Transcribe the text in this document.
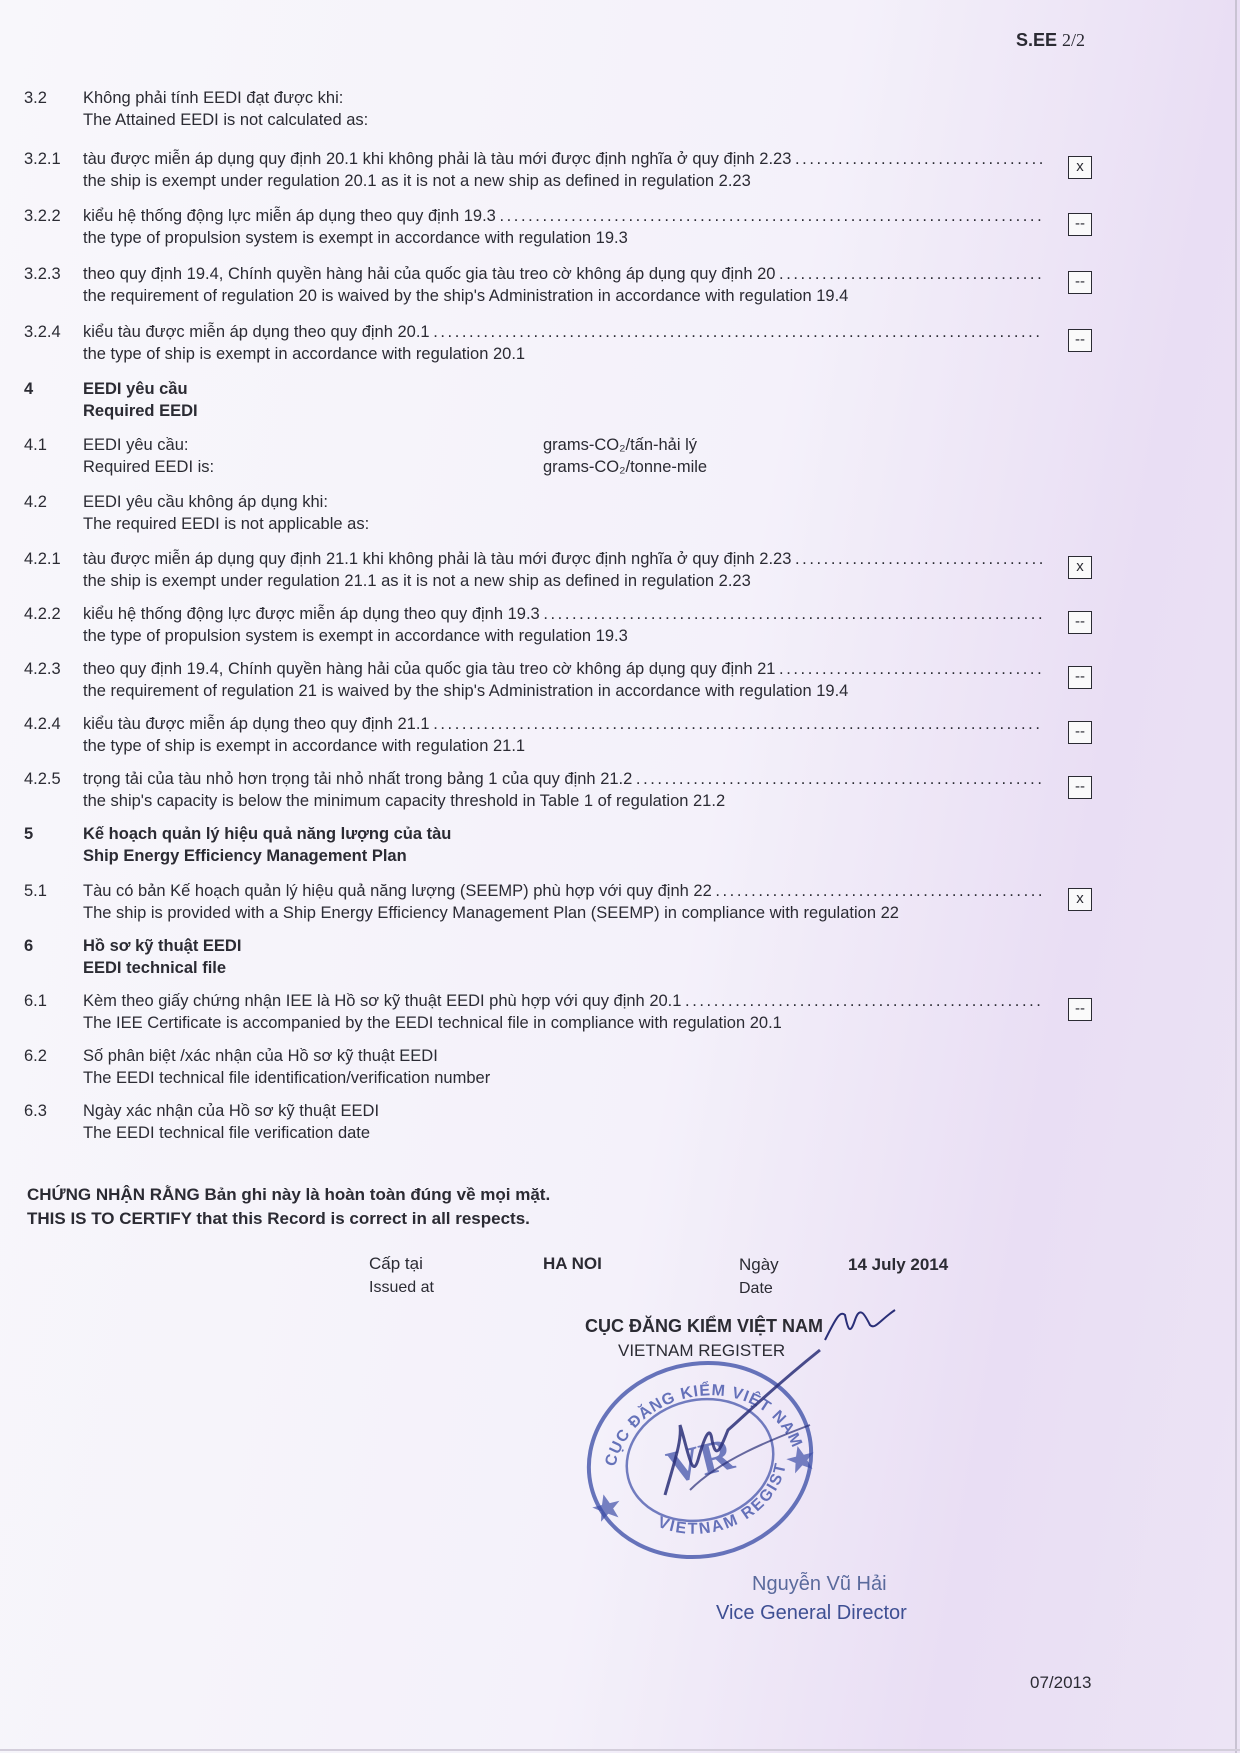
S.EE 2/2
3.2	Không phải tính EEDI đạt được khi:
The Attained EEDI is not calculated as:
3.2.1	tàu được miễn áp dụng quy định 20.1 khi không phải là tàu mới được định nghĩa ở quy định 2.23 . . .
the ship is exempt under regulation 20.1 as it is not a new ship as defined in regulation 2.23
x
3.2.2	kiểu hệ thống động lực miễn áp dụng theo quy định 19.3 . . .
the type of propulsion system is exempt in accordance with regulation 19.3
--
3.2.3	theo quy định 19.4, Chính quyền hàng hải của quốc gia tàu treo cờ không áp dụng quy định 20 . . .
the requirement of regulation 20 is waived by the ship's Administration in accordance with regulation 19.4
--
3.2.4	kiểu tàu được miễn áp dụng theo quy định 20.1 . . .
the type of ship is exempt in accordance with regulation 20.1
--
4	EEDI yêu cầu
Required EEDI
4.1	EEDI yêu cầu:
Required EEDI is:
grams-CO₂/tấn-hải lý
grams-CO₂/tonne-mile
4.2	EEDI yêu cầu không áp dụng khi:
The required EEDI is not applicable as:
4.2.1	tàu được miễn áp dụng quy định 21.1 khi không phải là tàu mới được định nghĩa ở quy định 2.23 . . .
the ship is exempt under regulation 21.1 as it is not a new ship as defined in regulation 2.23
x
4.2.2	kiểu hệ thống động lực được miễn áp dụng theo quy định 19.3 . . .
the type of propulsion system is exempt in accordance with regulation 19.3
--
4.2.3	theo quy định 19.4, Chính quyền hàng hải của quốc gia tàu treo cờ không áp dụng quy định 21 . . .
the requirement of regulation 21 is waived by the ship's Administration in accordance with regulation 19.4
--
4.2.4	kiểu tàu được miễn áp dụng theo quy định 21.1 . . .
the type of ship is exempt in accordance with regulation 21.1
--
4.2.5	trọng tải của tàu nhỏ hơn trọng tải nhỏ nhất trong bảng 1 của quy định 21.2 . . .
the ship's capacity is below the minimum capacity threshold in Table 1 of regulation 21.2
--
5	Kế hoạch quản lý hiệu quả năng lượng của tàu
Ship Energy Efficiency Management Plan
5.1	Tàu có bản Kế hoạch quản lý hiệu quả năng lượng (SEEMP) phù hợp với quy định 22 . . .
The ship is provided with a Ship Energy Efficiency Management Plan (SEEMP) in compliance with regulation 22
x
6	Hồ sơ kỹ thuật EEDI
EEDI technical file
6.1	Kèm theo giấy chứng nhận IEE là Hồ sơ kỹ thuật EEDI phù hợp với quy định 20.1 . . .
The IEE Certificate is accompanied by the EEDI technical file in compliance with regulation 20.1
--
6.2	Số phân biệt /xác nhận của Hồ sơ kỹ thuật EEDI
The EEDI technical file identification/verification number
6.3	Ngày xác nhận của Hồ sơ kỹ thuật EEDI
The EEDI technical file verification date
CHỨNG NHẬN RẰNG Bản ghi này là hoàn toàn đúng về mọi mặt.
THIS IS TO CERTIFY that this Record is correct in all respects.
Cấp tại
Issued at
HA NOI	Ngày
Date
14 July 2014
CỤC ĐĂNG KIỂM VIỆT NAM
VIETNAM REGISTER
CỤC ĐĂNG KIỂM VIỆT NAM
VIETNAM REGISTER
VR
Nguyễn Vũ Hải
Vice General Director
07/2013
